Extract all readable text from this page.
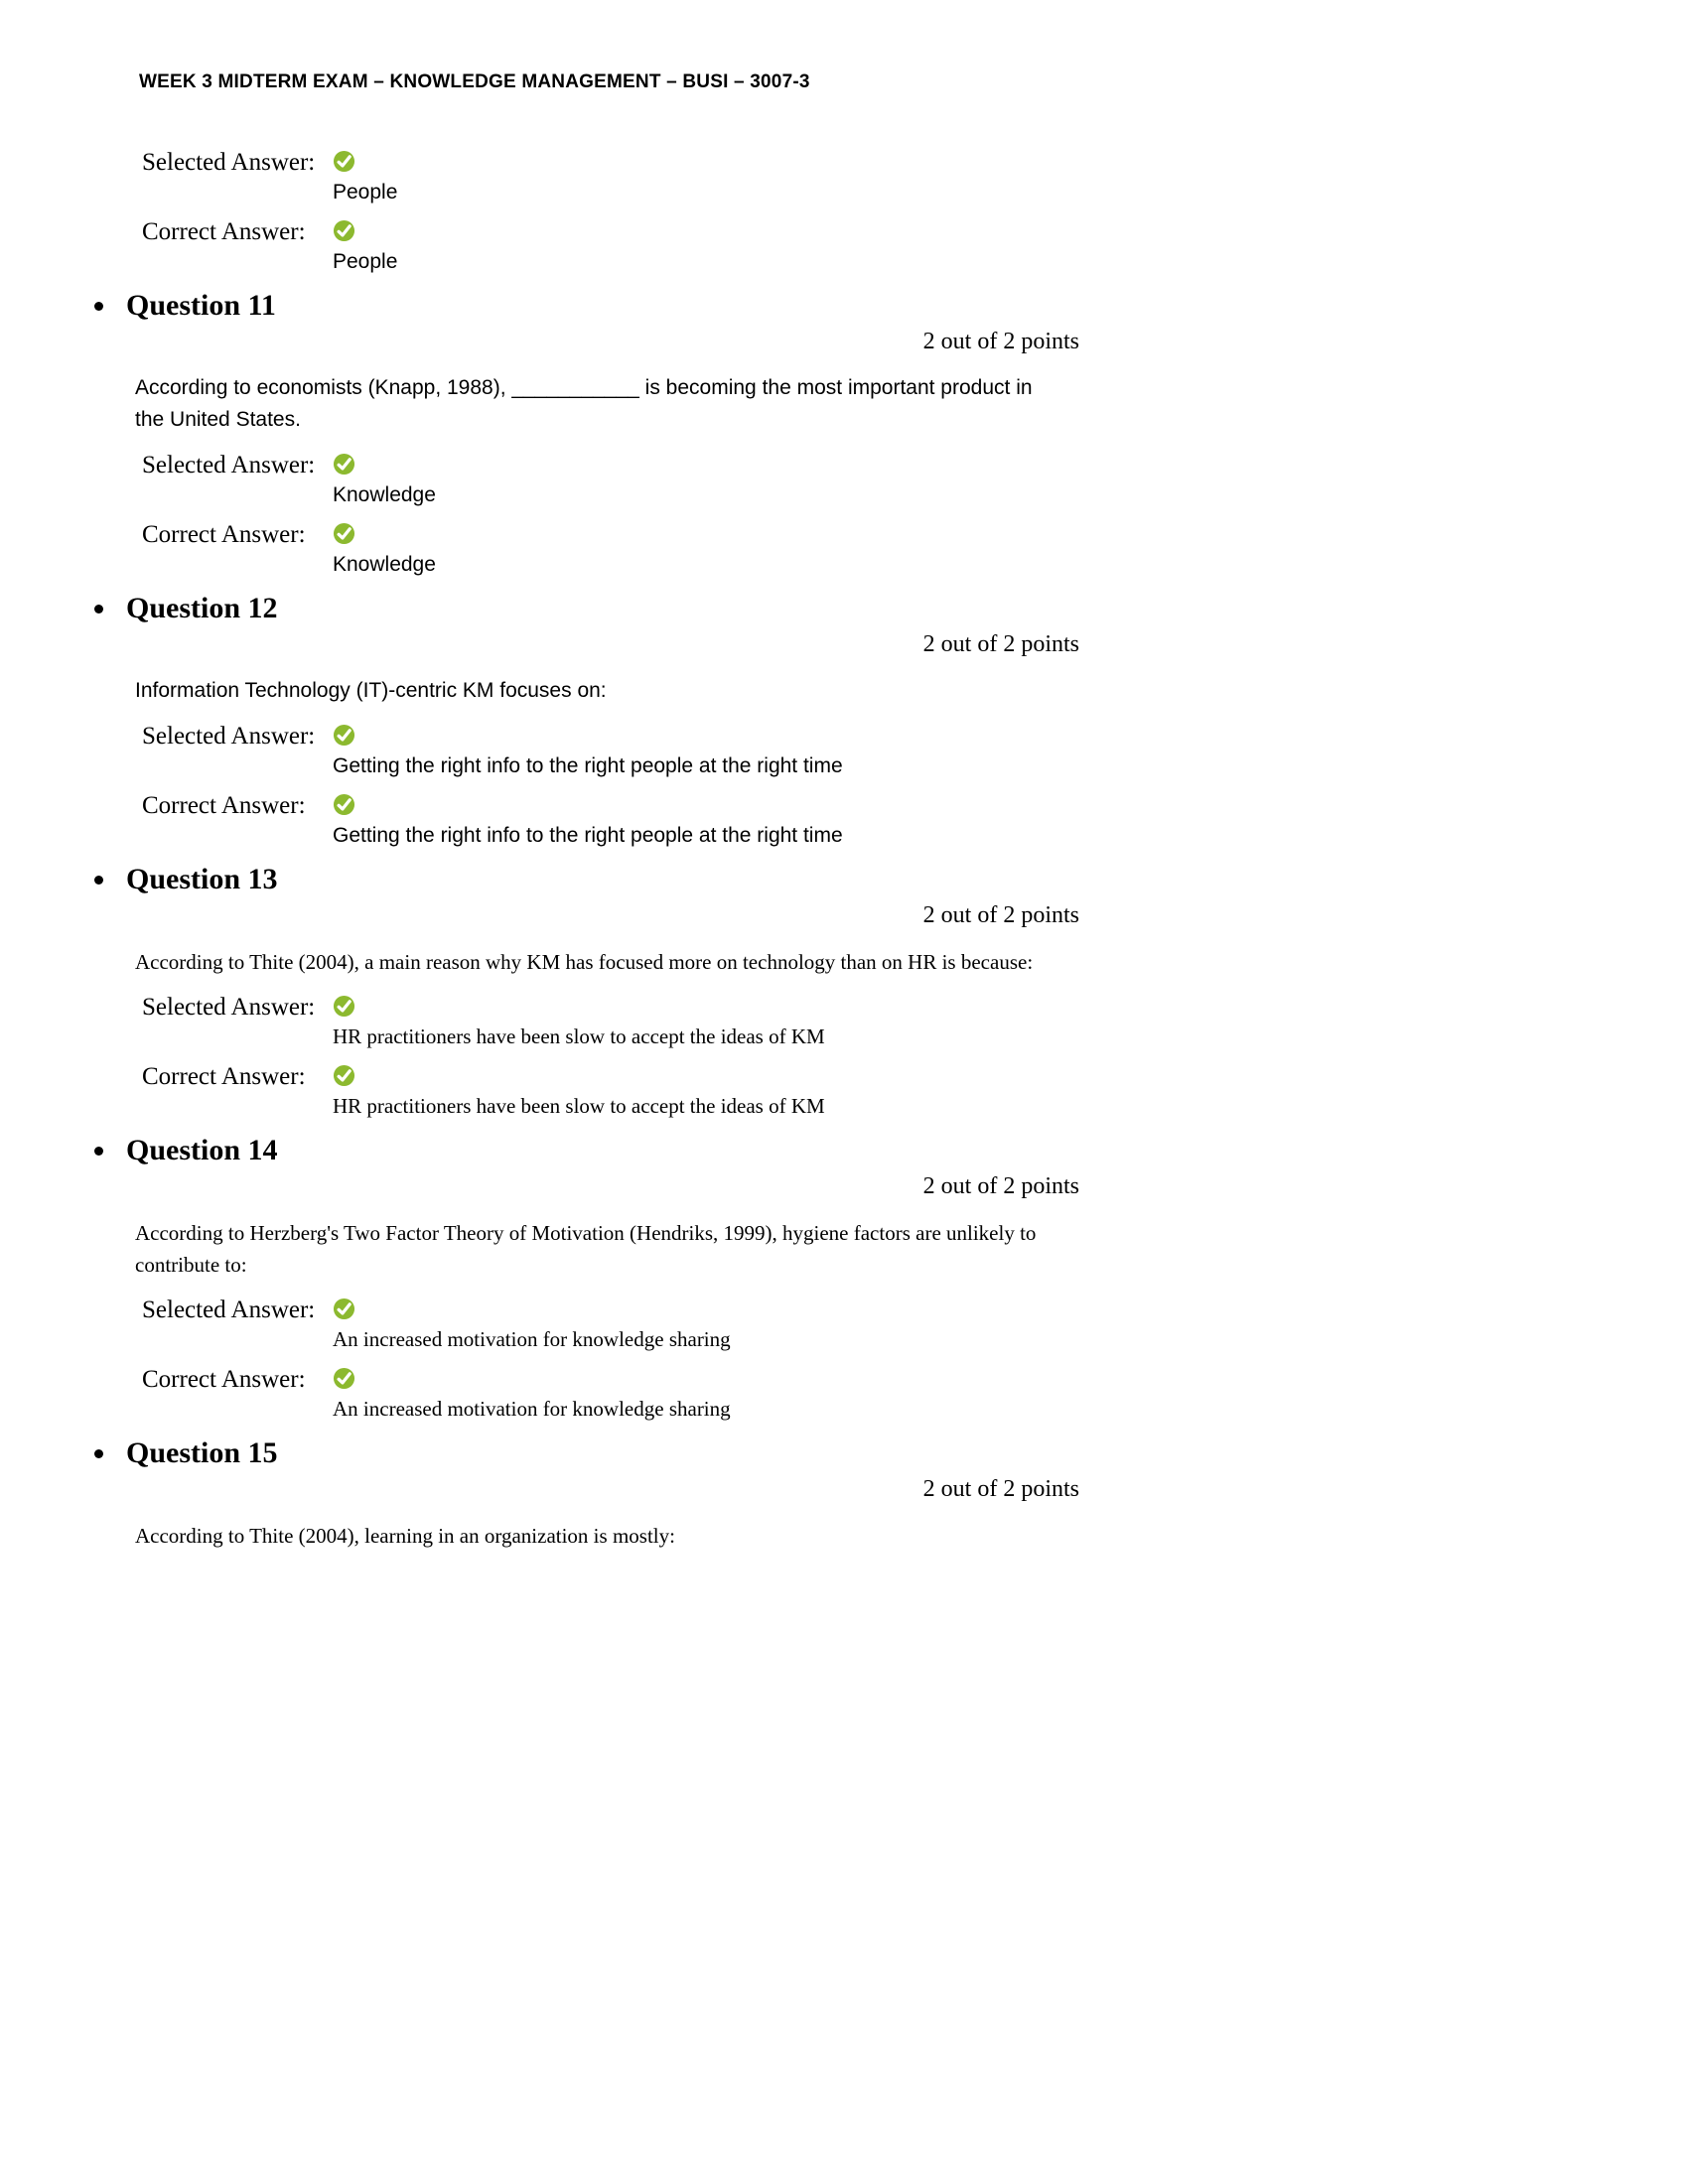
WEEK 3 MIDTERM EXAM – KNOWLEDGE MANAGEMENT – BUSI – 3007-3
Selected Answer:
People
Correct Answer:
People
Question 11
2 out of 2 points
According to economists (Knapp, 1988), ___________ is becoming the most important product in the United States.
Selected Answer:
Knowledge
Correct Answer:
Knowledge
Question 12
2 out of 2 points
Information Technology (IT)-centric KM focuses on:
Selected Answer:
Getting the right info to the right people at the right time
Correct Answer:
Getting the right info to the right people at the right time
Question 13
2 out of 2 points
According to Thite (2004), a main reason why KM has focused more on technology than on HR is because:
Selected Answer:
HR practitioners have been slow to accept the ideas of KM
Correct Answer:
HR practitioners have been slow to accept the ideas of KM
Question 14
2 out of 2 points
According to Herzberg's Two Factor Theory of Motivation (Hendriks, 1999), hygiene factors are unlikely to contribute to:
Selected Answer:
An increased motivation for knowledge sharing
Correct Answer:
An increased motivation for knowledge sharing
Question 15
2 out of 2 points
According to Thite (2004), learning in an organization is mostly:
